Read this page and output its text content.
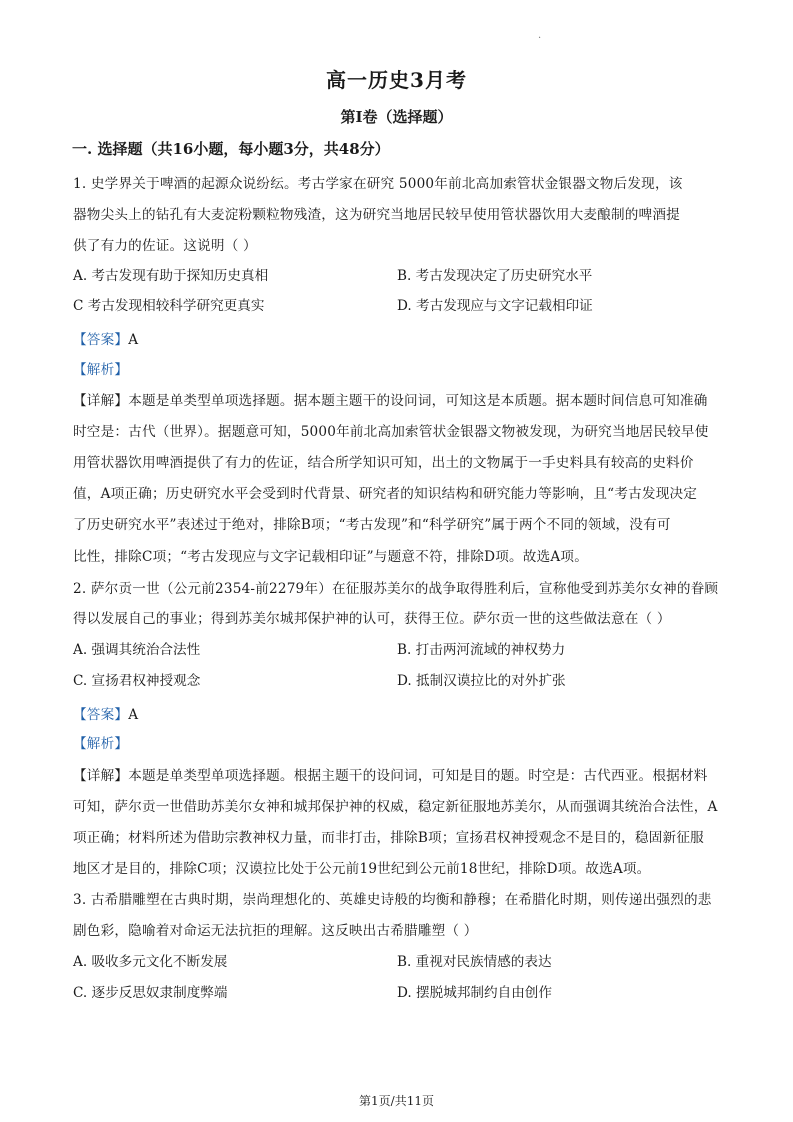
.
高一历史3月考
第I卷（选择题）
一. 选择题（共16小题，每小题3分，共48分）
1. 史学界关于啤酒的起源众说纷纭。考古学家在研究 5000年前北高加索管状金银器文物后发现，该
器物尖头上的钻孔有大麦淀粉颗粒物残渣，这为研究当地居民较早使用管状器饮用大麦酿制的啤酒提
供了有力的佐证。这说明（ ）
A. 考古发现有助于探知历史真相	B. 考古发现决定了历史研究水平
C 考古发现相较科学研究更真实	D. 考古发现应与文字记载相印证
【答案】A
【解析】
【详解】本题是单类型单项选择题。据本题主题干的设问词，可知这是本质题。据本题时间信息可知准确
时空是：古代（世界）。据题意可知，5000年前北高加索管状金银器文物被发现，为研究当地居民较早使
用管状器饮用啤酒提供了有力的佐证，结合所学知识可知，出土的文物属于一手史料具有较高的史料价
值，A项正确；历史研究水平会受到时代背景、研究者的知识结构和研究能力等影响，且“考古发现决定
了历史研究水平”表述过于绝对，排除B项；“考古发现”和“科学研究”属于两个不同的领域，没有可
比性，排除C项；“考古发现应与文字记载相印证”与题意不符，排除D项。故选A项。
2. 萨尔贡一世（公元前2354-前2279年）在征服苏美尔的战争取得胜利后，宣称他受到苏美尔女神的眷顾
得以发展自己的事业；得到苏美尔城邦保护神的认可，获得王位。萨尔贡一世的这些做法意在（ ）
A. 强调其统治合法性	B. 打击两河流域的神权势力
C. 宣扬君权神授观念	D. 抵制汉谟拉比的对外扩张
【答案】A
【解析】
【详解】本题是单类型单项选择题。根据主题干的设问词，可知是目的题。时空是：古代西亚。根据材料
可知，萨尔贡一世借助苏美尔女神和城邦保护神的权威，稳定新征服地苏美尔，从而强调其统治合法性，A
项正确；材料所述为借助宗教神权力量，而非打击，排除B项；宣扬君权神授观念不是目的，稳固新征服
地区才是目的，排除C项；汉谟拉比处于公元前19世纪到公元前18世纪，排除D项。故选A项。
3. 古希腊雕塑在古典时期，崇尚理想化的、英雄史诗般的均衡和静穆；在希腊化时期，则传递出强烈的悲
剧色彩，隐喻着对命运无法抗拒的理解。这反映出古希腊雕塑（ ）
A. 吸收多元文化不断发展	B. 重视对民族情感的表达
C. 逐步反思奴隶制度弊端	D. 摆脱城邦制约自由创作
第1页/共11页
